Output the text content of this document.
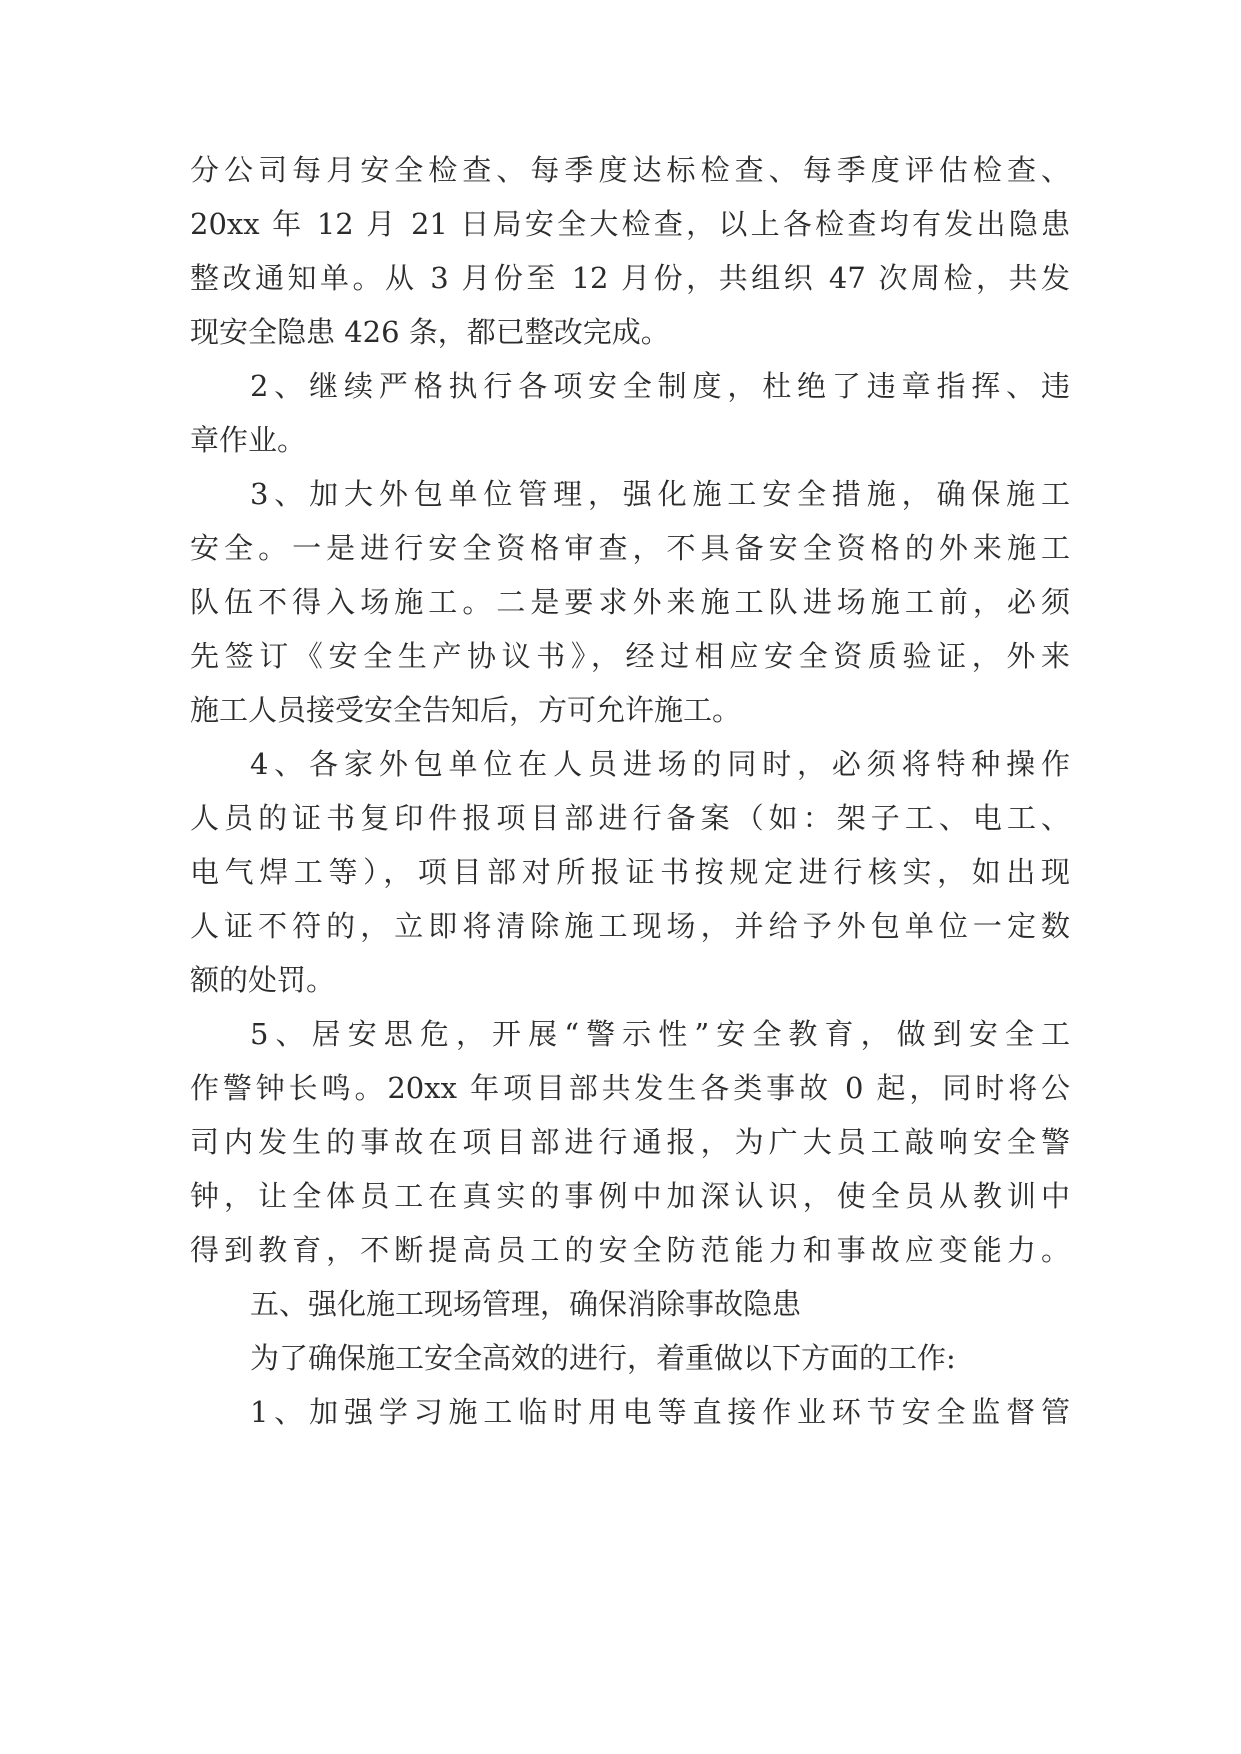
分公司每月安全检查、每季度达标检查、每季度评估检查、
20xx 年 12 月 21 日局安全大检查，以上各检查均有发出隐患
整改通知单。从 3 月份至 12 月份，共组织 47 次周检，共发
现安全隐患 426 条，都已整改完成。
2、继续严格执行各项安全制度，杜绝了违章指挥、违
章作业。
3、加大外包单位管理，强化施工安全措施，确保施工
安全。一是进行安全资格审查，不具备安全资格的外来施工
队伍不得入场施工。二是要求外来施工队进场施工前，必须
先签订《安全生产协议书》，经过相应安全资质验证，外来
施工人员接受安全告知后，方可允许施工。
4、各家外包单位在人员进场的同时，必须将特种操作
人员的证书复印件报项目部进行备案（如：架子工、电工、
电气焊工等），项目部对所报证书按规定进行核实，如出现
人证不符的，立即将清除施工现场，并给予外包单位一定数
额的处罚。
5、居安思危，开展“警示性”安全教育，做到安全工
作警钟长鸣。20xx 年项目部共发生各类事故 0 起，同时将公
司内发生的事故在项目部进行通报，为广大员工敲响安全警
钟，让全体员工在真实的事例中加深认识，使全员从教训中
得到教育，不断提高员工的安全防范能力和事故应变能力。
五、强化施工现场管理，确保消除事故隐患
为了确保施工安全高效的进行，着重做以下方面的工作:
1、加强学习施工临时用电等直接作业环节安全监督管
